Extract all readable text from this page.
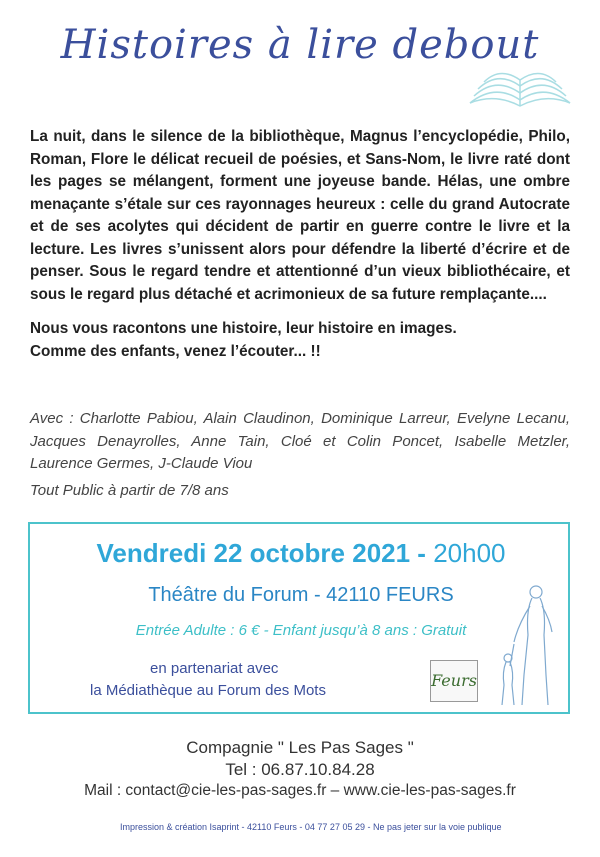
Histoires à lire debout

La nuit, dans le silence de la bibliothèque, Magnus l’encyclopédie, Philo, Roman, Flore le délicat recueil de poésies, et Sans-Nom, le livre raté dont les pages se mélangent, forment une joyeuse bande. Hélas, une ombre menaçante s’étale sur ces rayonnages heureux : celle du grand Autocrate et de ses acolytes qui décident de partir en guerre contre le livre et la lecture. Les livres s’unissent alors pour défendre la liberté d’écrire et de penser. Sous le regard tendre et attentionné d’un vieux bibliothécaire, et sous le regard plus détaché et acrimonieux de sa future remplaçante....

Nous vous racontons une histoire, leur histoire en images.

Comme des enfants, venez l’écouter... !!

Avec : Charlotte Pabiou, Alain Claudinon, Dominique Larreur, Evelyne Lecanu, Jacques Denayrolles, Anne Tain, Cloé et Colin Poncet, Isabelle Metzler, Laurence Germes, J-Claude Viou
Tout Public à partir de 7/8 ans
Vendredi 22 octobre 2021 - 20h00
Théâtre du Forum - 42110 FEURS
Entrée Adulte : 6 € - Enfant jusqu’à 8 ans : Gratuit
en partenariat avec
la Médiathèque au Forum des Mots
Feurs
Compagnie " Les Pas Sages "
Tel : 06.87.10.84.28
Mail : contact@cie-les-pas-sages.fr – www.cie-les-pas-sages.fr
Impression & création Isaprint - 42110 Feurs - 04 77 27 05 29 - Ne pas jeter sur la voie publique
